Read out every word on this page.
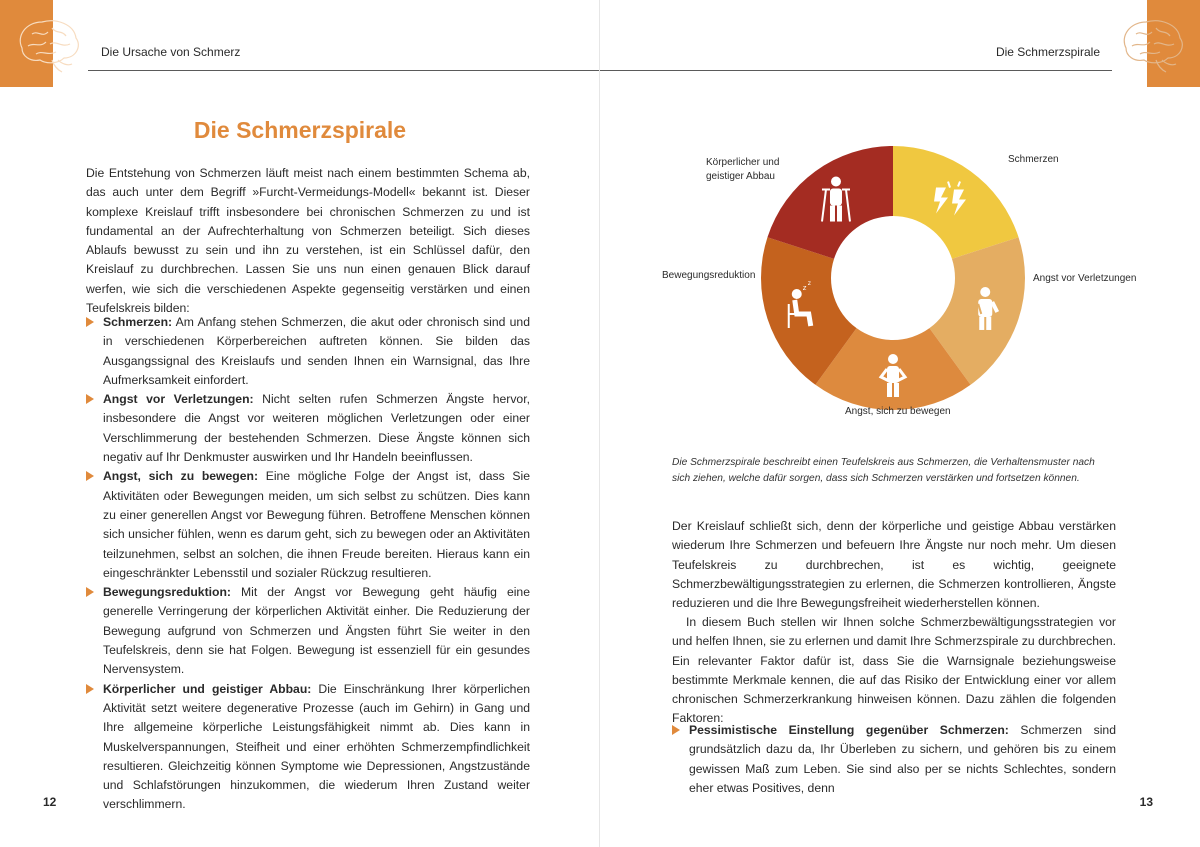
Die Ursache von Schmerz
Die Schmerzspirale

Die Entstehung von Schmerzen läuft meist nach einem bestimmten Schema ab, das auch unter dem Begriff »Furcht-Vermeidungs-Modell« bekannt ist. Dieser komplexe Kreislauf trifft insbesondere bei chronischen Schmerzen zu und ist fundamental an der Aufrechterhaltung von Schmerzen beteiligt. Sich dieses Ablaufs bewusst zu sein und ihn zu verstehen, ist ein Schlüssel dafür, den Kreislauf zu durchbrechen. Lassen Sie uns nun einen genauen Blick darauf werfen, wie sich die verschiedenen Aspekte gegenseitig verstärken und einen Teufelskreis bilden:

Schmerzen: Am Anfang stehen Schmerzen, die akut oder chronisch sind und in verschiedenen Körperbereichen auftreten können. Sie bilden das Ausgangssignal des Kreislaufs und senden Ihnen ein Warnsignal, das Ihre Aufmerksamkeit einfordert.
Angst vor Verletzungen: Nicht selten rufen Schmerzen Ängste hervor, insbesondere die Angst vor weiteren möglichen Verletzungen oder einer Verschlimmerung der bestehenden Schmerzen. Diese Ängste können sich negativ auf Ihr Denkmuster auswirken und Ihr Handeln beeinflussen.
Angst, sich zu bewegen: Eine mögliche Folge der Angst ist, dass Sie Aktivitäten oder Bewegungen meiden, um sich selbst zu schützen. Dies kann zu einer generellen Angst vor Bewegung führen. Betroffene Menschen können sich unsicher fühlen, wenn es darum geht, sich zu bewegen oder an Aktivitäten teilzunehmen, selbst an solchen, die ihnen Freude bereiten. Hieraus kann ein eingeschränkter Lebensstil und sozialer Rückzug resultieren.
Bewegungsreduktion: Mit der Angst vor Bewegung geht häufig eine generelle Verringerung der körperlichen Aktivität einher. Die Reduzierung der Bewegung aufgrund von Schmerzen und Ängsten führt Sie weiter in den Teufelskreis, denn sie hat Folgen. Bewegung ist essenziell für ein gesundes Nervensystem.
Körperlicher und geistiger Abbau: Die Einschränkung Ihrer körperlichen Aktivität setzt weitere degenerative Prozesse (auch im Gehirn) in Gang und Ihre allgemeine körperliche Leistungsfähigkeit nimmt ab. Dies kann in Muskelverspannungen, Steifheit und einer erhöhten Schmerzempfindlichkeit resultieren. Gleichzeitig können Symptome wie Depressionen, Angstzustände und Schlafstörungen hinzukommen, die wiederum Ihren Zustand weiter verschlimmern.
12
Die Schmerzspirale
13
z
z
Schmerzen
Angst vor Verletzungen
Angst, sich zu bewegen
Bewegungsreduktion
Körperlicher und
geistiger Abbau

Die Schmerzspirale beschreibt einen Teufelskreis aus Schmerzen, die Verhaltensmuster nach sich ziehen, welche dafür sorgen, dass sich Schmerzen verstärken und fortsetzen können.

Der Kreislauf schließt sich, denn der körperliche und geistige Abbau verstärken wiederum Ihre Schmerzen und befeuern Ihre Ängste nur noch mehr. Um diesen Teufelskreis zu durchbrechen, ist es wichtig, geeignete Schmerzbewältigungsstrategien zu erlernen, die Schmerzen kontrollieren, Ängste reduzieren und die Ihre Bewegungsfreiheit wiederherstellen können.

In diesem Buch stellen wir Ihnen solche Schmerzbewältigungsstrategien vor und helfen Ihnen, sie zu erlernen und damit Ihre Schmerzspirale zu durchbrechen. Ein relevanter Faktor dafür ist, dass Sie die Warnsignale beziehungsweise bestimmte Merkmale kennen, die auf das Risiko der Entwicklung einer vor allem chronischen Schmerzerkrankung hinweisen können. Dazu zählen die folgenden Faktoren:

Pessimistische Einstellung gegenüber Schmerzen: Schmerzen sind grundsätzlich dazu da, Ihr Überleben zu sichern, und gehören bis zu einem gewissen Maß zum Leben. Sie sind also per se nichts Schlechtes, sondern eher etwas Positives, denn
